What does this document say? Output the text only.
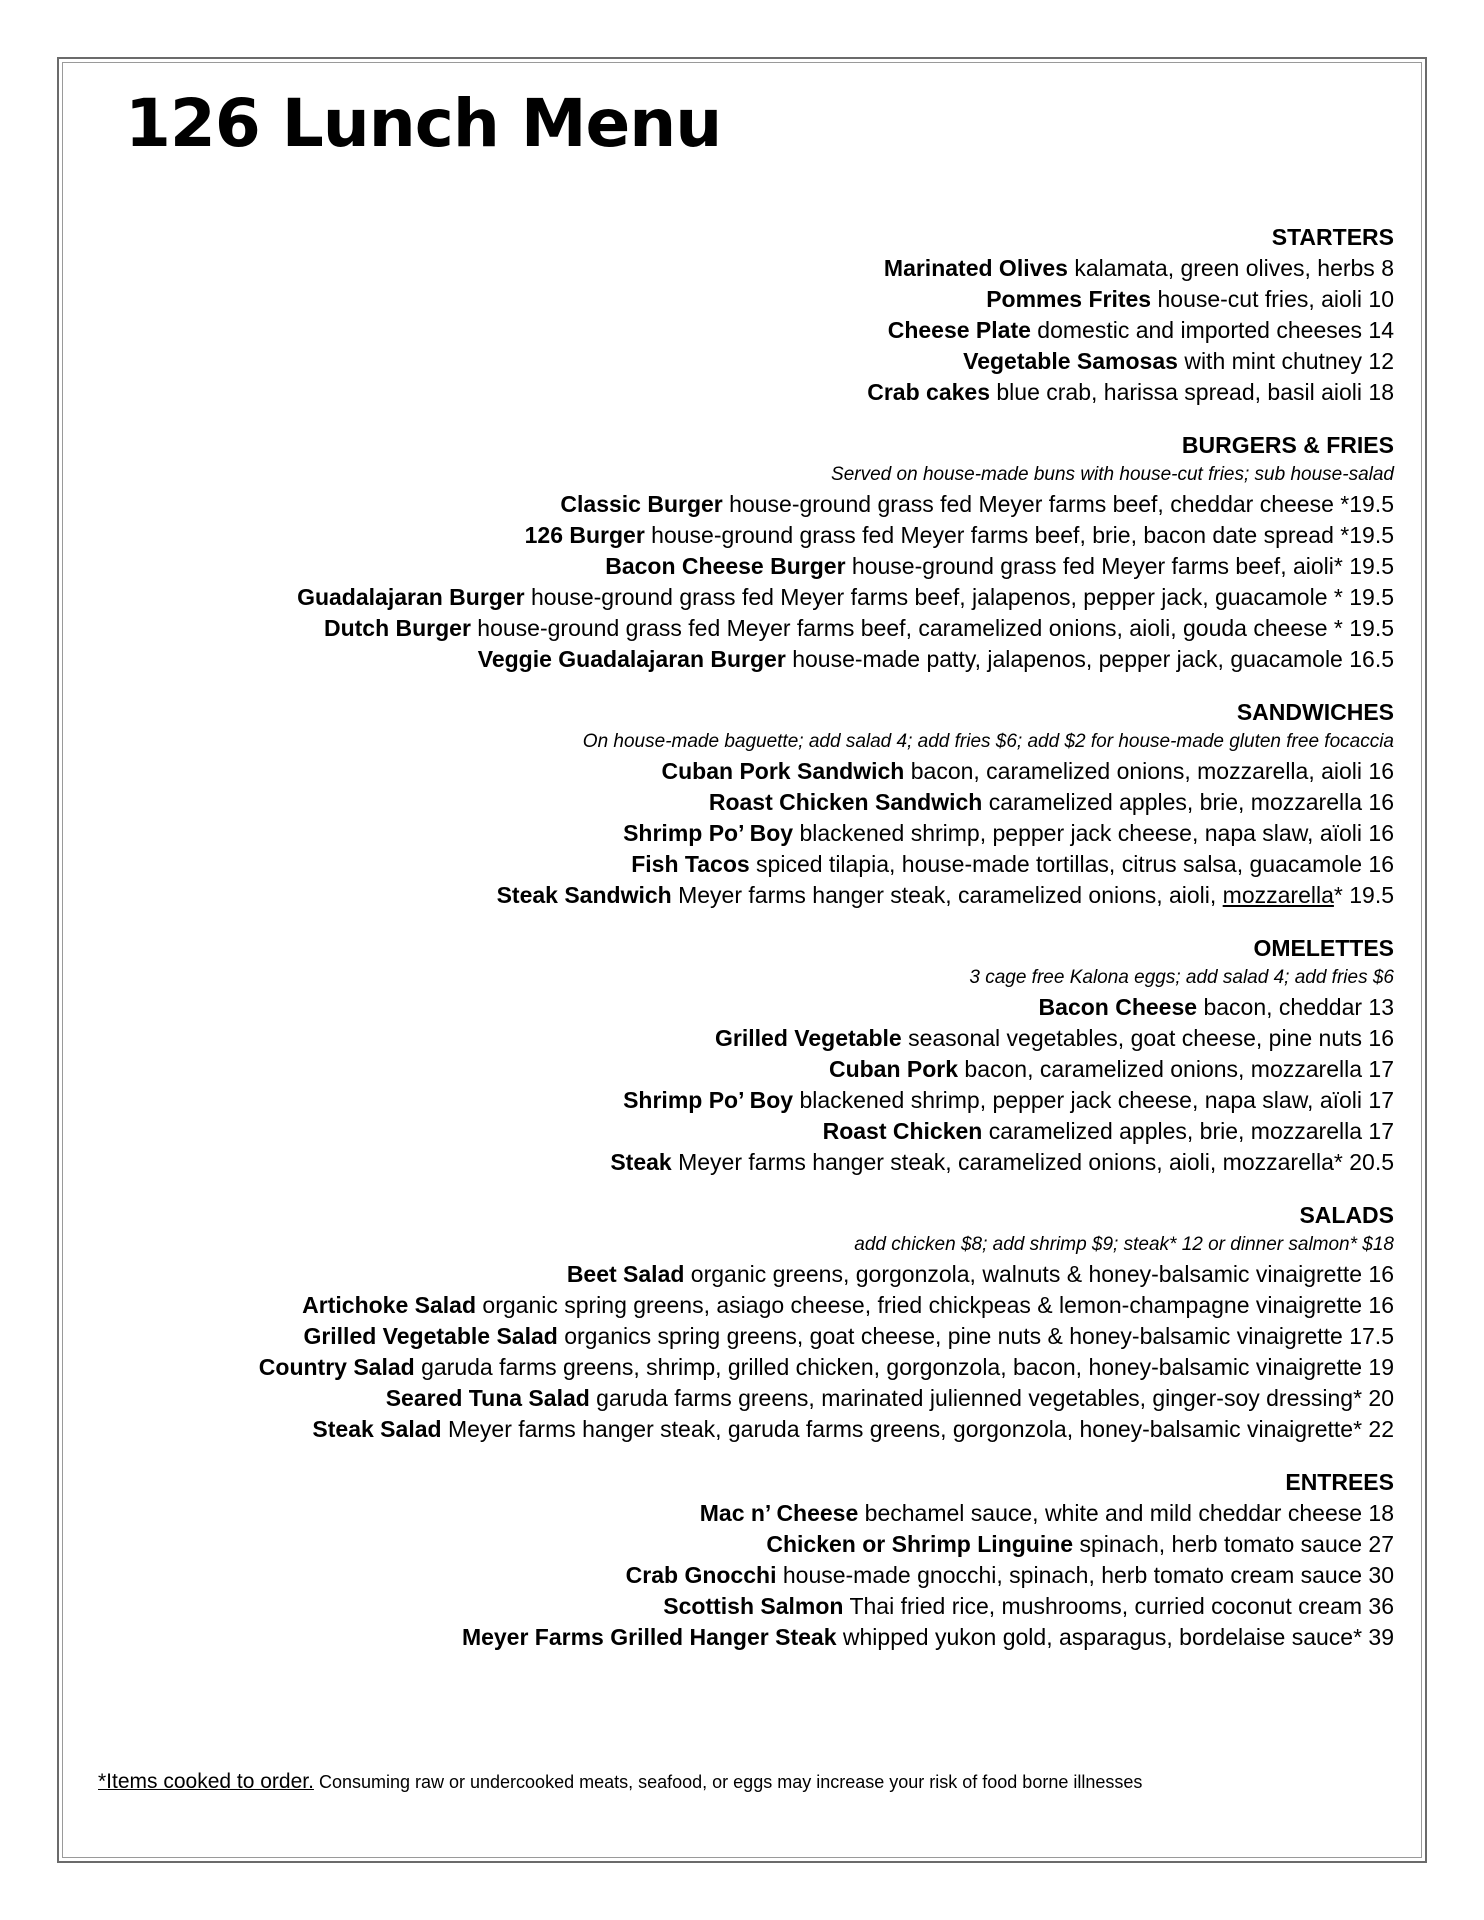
126 Lunch Menu
STARTERS
Marinated Olives kalamata, green olives, herbs 8
Pommes Frites house-cut fries, aioli 10
Cheese Plate domestic and imported cheeses 14
Vegetable Samosas with mint chutney 12
Crab cakes blue crab, harissa spread, basil aioli 18
BURGERS & FRIES
Served on house-made buns with house-cut fries; sub house-salad
Classic Burger house-ground grass fed Meyer farms beef, cheddar cheese *19.5
126 Burger house-ground grass fed Meyer farms beef, brie, bacon date spread *19.5
Bacon Cheese Burger house-ground grass fed Meyer farms beef, aioli* 19.5
Guadalajaran Burger house-ground grass fed Meyer farms beef, jalapenos, pepper jack, guacamole * 19.5
Dutch Burger house-ground grass fed Meyer farms beef, caramelized onions, aioli, gouda cheese * 19.5
Veggie Guadalajaran Burger house-made patty, jalapenos, pepper jack, guacamole 16.5
SANDWICHES
On house-made baguette; add salad 4; add fries $6; add $2 for house-made gluten free focaccia
Cuban Pork Sandwich bacon, caramelized onions, mozzarella, aioli 16
Roast Chicken Sandwich caramelized apples, brie, mozzarella 16
Shrimp Po’ Boy blackened shrimp, pepper jack cheese, napa slaw, aïoli 16
Fish Tacos spiced tilapia, house-made tortillas, citrus salsa, guacamole 16
Steak Sandwich Meyer farms hanger steak, caramelized onions, aioli, mozzarella* 19.5
OMELETTES
3 cage free Kalona eggs; add salad 4; add fries $6
Bacon Cheese bacon, cheddar 13
Grilled Vegetable seasonal vegetables, goat cheese, pine nuts 16
Cuban Pork bacon, caramelized onions, mozzarella 17
Shrimp Po’ Boy blackened shrimp, pepper jack cheese, napa slaw, aïoli 17
Roast Chicken caramelized apples, brie, mozzarella 17
Steak Meyer farms hanger steak, caramelized onions, aioli, mozzarella* 20.5
SALADS
add chicken $8; add shrimp $9; steak* 12 or dinner salmon* $18
Beet Salad organic greens, gorgonzola, walnuts & honey-balsamic vinaigrette 16
Artichoke Salad organic spring greens, asiago cheese, fried chickpeas & lemon-champagne vinaigrette 16
Grilled Vegetable Salad organics spring greens, goat cheese, pine nuts & honey-balsamic vinaigrette 17.5
Country Salad garuda farms greens, shrimp, grilled chicken, gorgonzola, bacon, honey-balsamic vinaigrette 19
Seared Tuna Salad garuda farms greens, marinated julienned vegetables, ginger-soy dressing* 20
Steak Salad Meyer farms hanger steak, garuda farms greens, gorgonzola, honey-balsamic vinaigrette* 22
ENTREES
Mac n’ Cheese bechamel sauce, white and mild cheddar cheese 18
Chicken or Shrimp Linguine spinach, herb tomato sauce 27
Crab Gnocchi house-made gnocchi, spinach, herb tomato cream sauce 30
Scottish Salmon Thai fried rice, mushrooms, curried coconut cream 36
Meyer Farms Grilled Hanger Steak whipped yukon gold, asparagus, bordelaise sauce* 39
*Items cooked to order. Consuming raw or undercooked meats, seafood, or eggs may increase your risk of food borne illnesses
